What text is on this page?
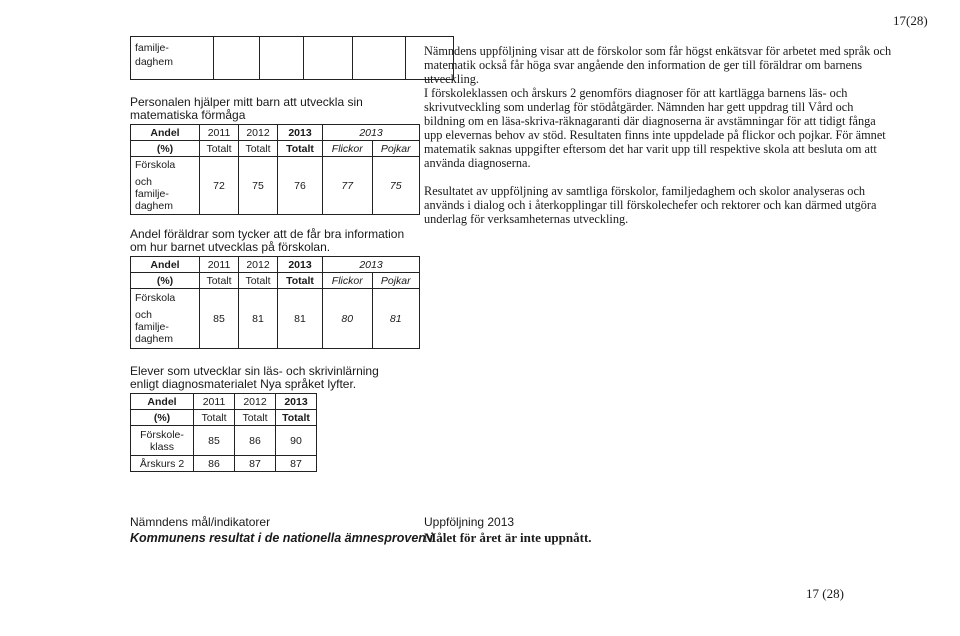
17(28)
familje-daghem

Personalen hjälper mitt barn att utveckla sin matematiska förmåga
Andel	2011	2012	2013	2013	
(%)	Totalt	Totalt	Totalt	Flickor	Pojkar

Förskola
och
familje-
daghem	72	75	76	77	75
Andel föräldrar som tycker att de får bra information om hur barnet utvecklas på förskolan.
Andel	2011	2012	2013	2013	
(%)	Totalt	Totalt	Totalt	Flickor	Pojkar

Förskola
och
familje-
daghem	85	81	81	80	81
Elever som utvecklar sin läs- och skrivinlärning enligt diagnosmaterialet Nya språket lyfter.
Andel	2011	2012	2013
(%)	Totalt	Totalt	Totalt

Förskole-
klass	85	86	90
Årskurs 2	86	87	87

Nämndens uppföljning visar att de förskolor som får högst enkätsvar för arbetet med språk och matematik också får höga svar angående den information de ger till föräldrar om barnens utveckling.

I förskoleklassen och årskurs 2 genomförs diagnoser för att kartlägga barnens läs- och skrivutveckling som underlag för stödåtgärder. Nämnden har gett uppdrag till Vård och bildning om en läsa-skriva-räknagaranti där diagnoserna är avstämningar för att tidigt fånga upp elevernas behov av stöd. Resultaten finns inte uppdelade på flickor och pojkar. För ämnet matematik saknas uppgifter eftersom det har varit upp till respektive skola att besluta om att använda diagnoserna.

Resultatet av uppföljning av samtliga förskolor, familjedaghem och skolor analyseras och används i dialog och i återkopplingar till förskolechefer och rektorer och kan därmed utgöra underlag för verksamheternas utveckling.

Nämndens mål/indikatorer
Kommunens resultat i de nationella ämnesproven i
Uppföljning 2013
Målet för året är inte uppnått.
17 (28)
